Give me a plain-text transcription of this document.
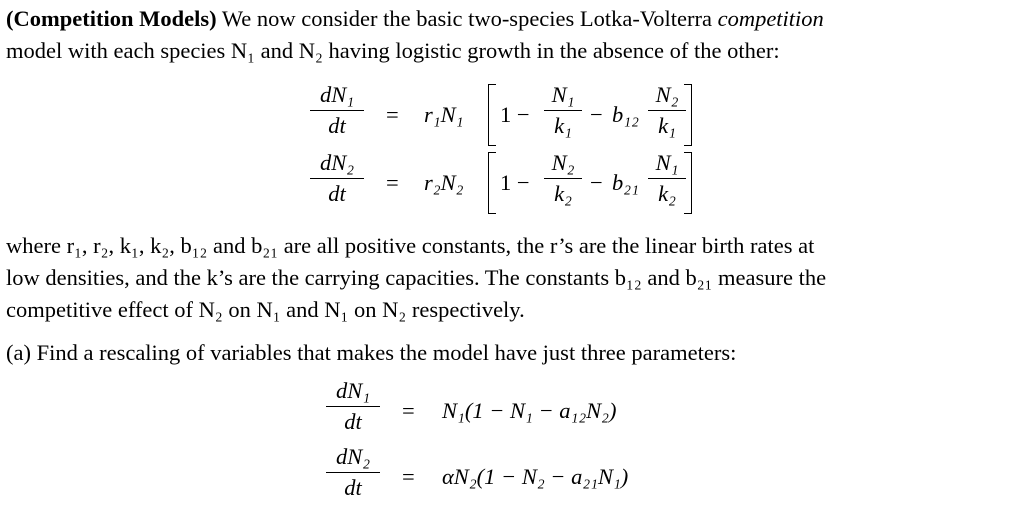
(Competition Models) We now consider the basic two-species Lotka-Volterra competition
model with each species N₁ and N₂ having logistic growth in the absence of the other:
dN₁
dt	= r₁N₁ 1 −
N₁
k₁ − b₁₂
N₂
k₁
dN₂
dt	= r₂N₂ 1 −
N₂
k₂ − b₂₁
N₁
k₂
where r₁, r₂, k₁, k₂, b₁₂ and b₂₁ are all positive constants, the r’s are the linear birth rates at
low densities, and the k’s are the carrying capacities. The constants b₁₂ and b₂₁ measure the
competitive effect of N₂ on N₁ and N₁ on N₂ respectively.
(a) Find a rescaling of variables that makes the model have just three parameters:
dN₁
dt	= N₁(1 − N₁ − a₁₂N₂)
dN₂
dt	= αN₂(1 − N₂ − a₂₁N₁)
